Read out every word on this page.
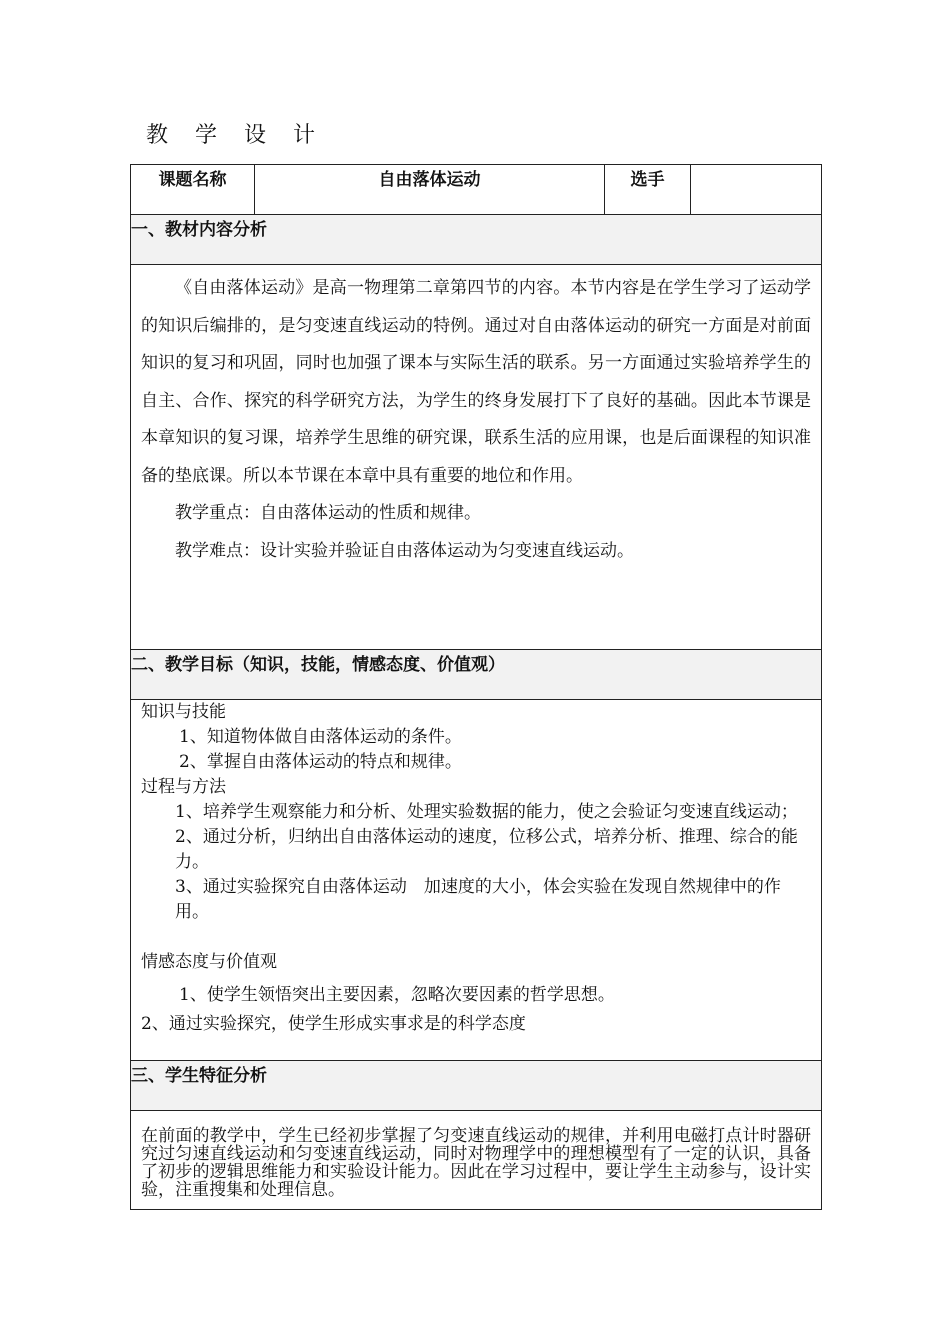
教 学 设 计
课题名称	自由落体运动	选手	
一、教材内容分析

《自由落体运动》是高一物理第二章第四节的内容。本节内容是在学生学习了运动学的知识后编排的，是匀变速直线运动的特例。通过对自由落体运动的研究一方面是对前面知识的复习和巩固，同时也加强了课本与实际生活的联系。另一方面通过实验培养学生的自主、合作、探究的科学研究方法，为学生的终身发展打下了良好的基础。因此本节课是本章知识的复习课，培养学生思维的研究课，联系生活的应用课，也是后面课程的知识准备的垫底课。所以本节课在本章中具有重要的地位和作用。

教学重点：自由落体运动的性质和规律。

教学难点：设计实验并验证自由落体运动为匀变速直线运动。

二、教学目标（知识，技能，情感态度、价值观）

知识与技能
1、知道物体做自由落体运动的条件。
2、掌握自由落体运动的特点和规律。
过程与方法
1、培养学生观察能力和分析、处理实验数据的能力，使之会验证匀变速直线运动；
2、通过分析，归纳出自由落体运动的速度，位移公式，培养分析、推理、综合的能力。
3、通过实验探究自由落体运动　加速度的大小，体会实验在发现自然规律中的作用。
情感态度与价值观
1、使学生领悟突出主要因素，忽略次要因素的哲学思想。
2、通过实验探究，使学生形成实事求是的科学态度

三、学生特征分析

在前面的教学中，学生已经初步掌握了匀变速直线运动的规律，并利用电磁打点计时器研究过匀速直线运动和匀变速直线运动，同时对物理学中的理想模型有了一定的认识，具备了初步的逻辑思维能力和实验设计能力。因此在学习过程中，要让学生主动参与，设计实验，注重搜集和处理信息。
